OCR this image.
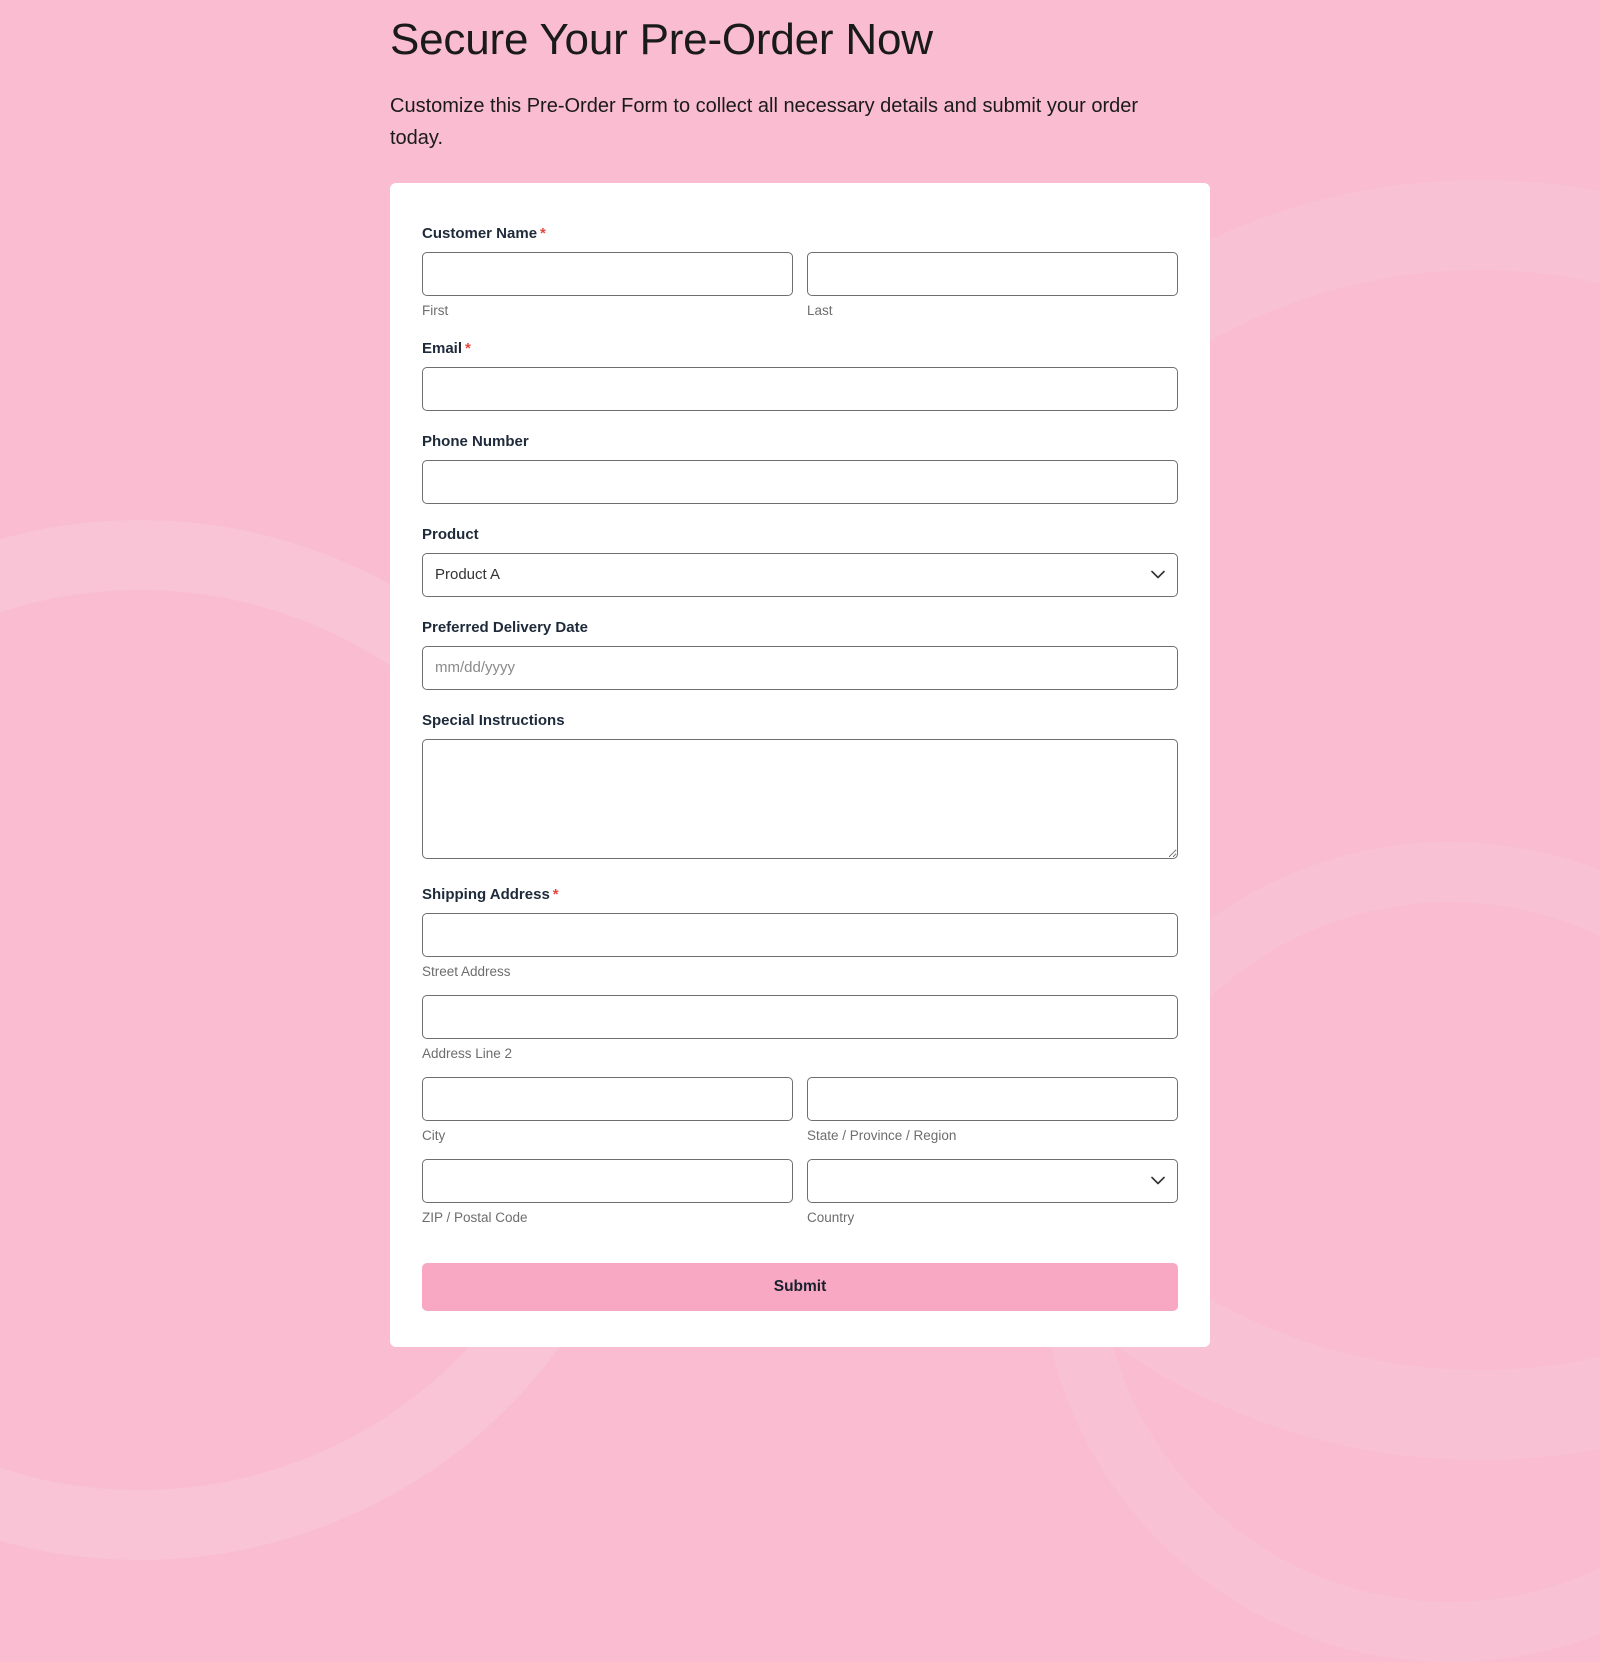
Secure Your Pre-Order Now

Customize this Pre-Order Form to collect all necessary details and submit your order today.

Customer Name *
First	Last
Email *
Phone Number
Product
Product A
Preferred Delivery Date
mm/dd/yyyy
Special Instructions
Shipping Address *
Street Address
Address Line 2
City	State / Province / Region
ZIP / Postal Code	Country
Submit
